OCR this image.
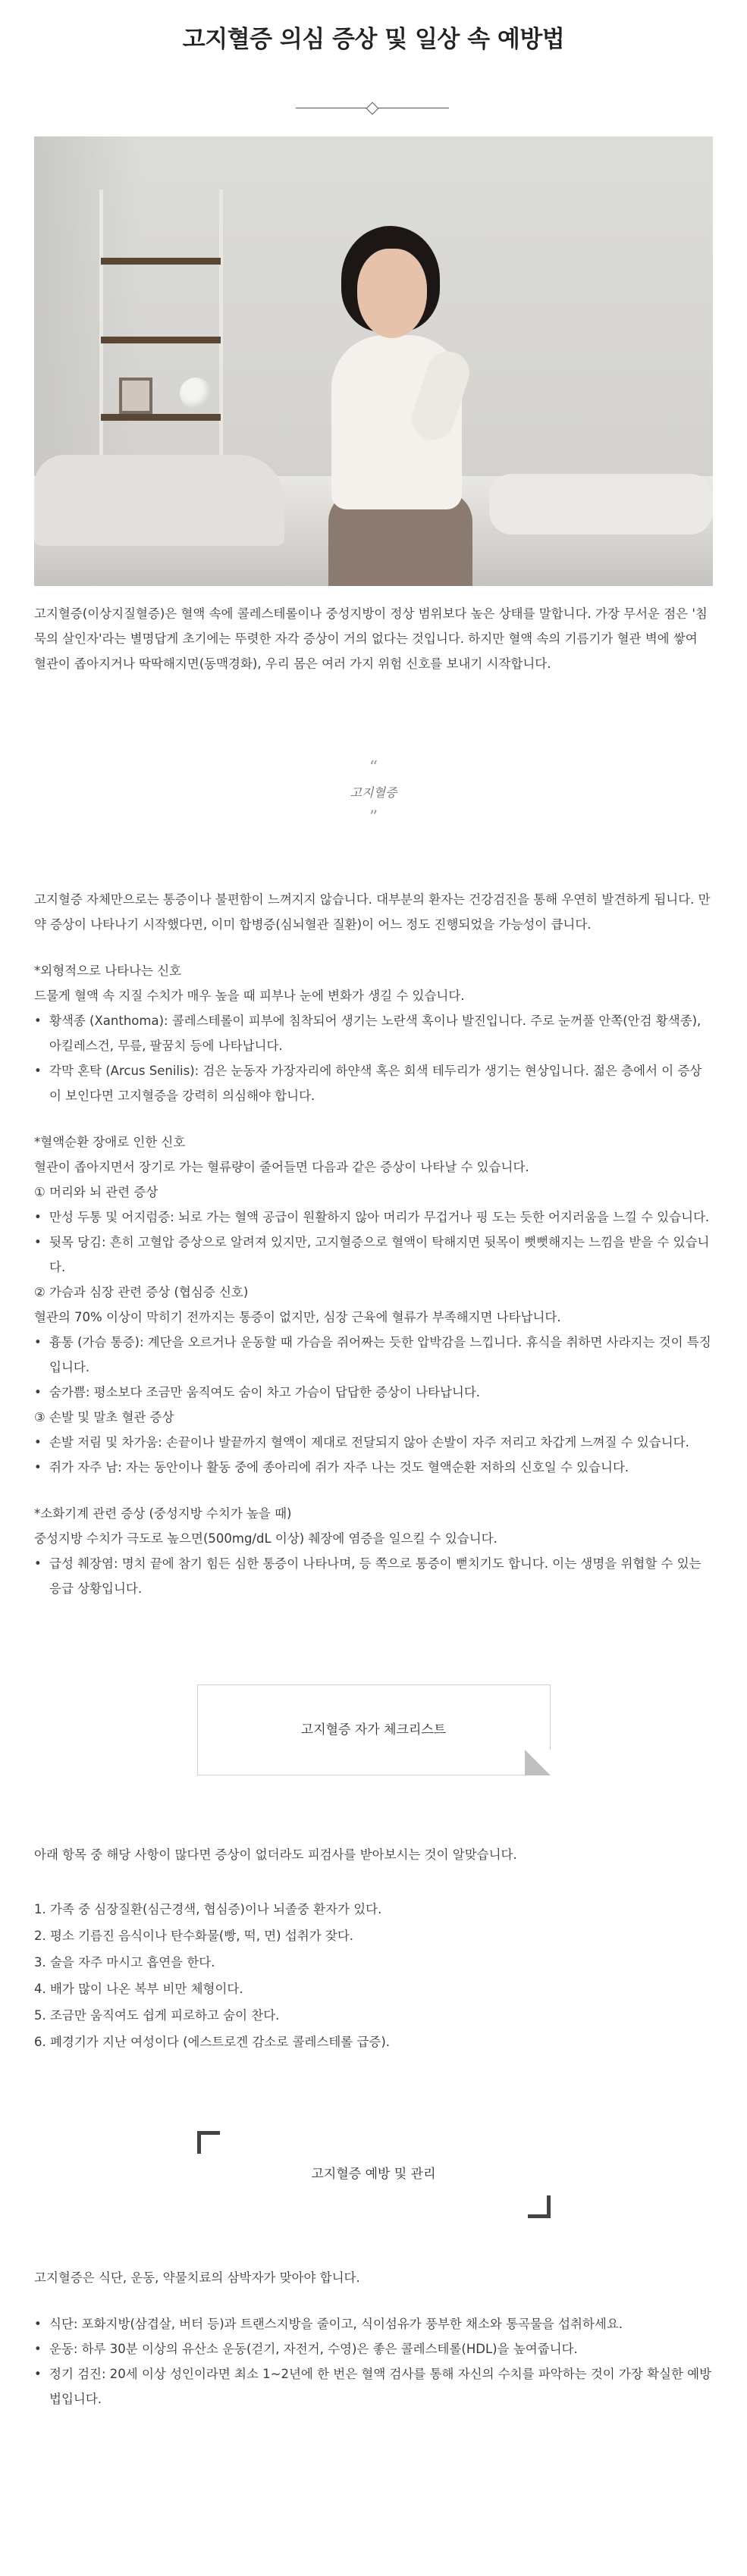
고지혈증 의심 증상 및 일상 속 예방법

고지혈증(이상지질혈증)은 혈액 속에 콜레스테롤이나 중성지방이 정상 범위보다 높은 상태를 말합니다. 가장 무서운 점은 '침묵의 살인자'라는 별명답게 초기에는 뚜렷한 자각 증상이 거의 없다는 것입니다. 하지만 혈액 속의 기름기가 혈관 벽에 쌓여 혈관이 좁아지거나 딱딱해지면(동맥경화), 우리 몸은 여러 가지 위험 신호를 보내기 시작합니다.

“
고지혈증
”

고지혈증 자체만으로는 통증이나 불편함이 느껴지지 않습니다. 대부분의 환자는 건강검진을 통해 우연히 발견하게 됩니다. 만약 증상이 나타나기 시작했다면, 이미 합병증(심뇌혈관 질환)이 어느 정도 진행되었을 가능성이 큽니다.

*외형적으로 나타나는 신호
드물게 혈액 속 지질 수치가 매우 높을 때 피부나 눈에 변화가 생길 수 있습니다.
• 황색종 (Xanthoma): 콜레스테롤이 피부에 침착되어 생기는 노란색 혹이나 발진입니다. 주로 눈꺼풀 안쪽(안검 황색종), 아킬레스건, 무릎, 팔꿈치 등에 나타납니다.
• 각막 혼탁 (Arcus Senilis): 검은 눈동자 가장자리에 하얀색 혹은 회색 테두리가 생기는 현상입니다. 젊은 층에서 이 증상이 보인다면 고지혈증을 강력히 의심해야 합니다.
*혈액순환 장애로 인한 신호
혈관이 좁아지면서 장기로 가는 혈류량이 줄어들면 다음과 같은 증상이 나타날 수 있습니다.
① 머리와 뇌 관련 증상
• 만성 두통 및 어지럼증: 뇌로 가는 혈액 공급이 원활하지 않아 머리가 무겁거나 핑 도는 듯한 어지러움을 느낄 수 있습니다.
• 뒷목 당김: 흔히 고혈압 증상으로 알려져 있지만, 고지혈증으로 혈액이 탁해지면 뒷목이 뻣뻣해지는 느낌을 받을 수 있습니다.
② 가슴과 심장 관련 증상 (협심증 신호)
혈관의 70% 이상이 막히기 전까지는 통증이 없지만, 심장 근육에 혈류가 부족해지면 나타납니다.
• 흉통 (가슴 통증): 계단을 오르거나 운동할 때 가슴을 쥐어짜는 듯한 압박감을 느낍니다. 휴식을 취하면 사라지는 것이 특징입니다.
• 숨가쁨: 평소보다 조금만 움직여도 숨이 차고 가슴이 답답한 증상이 나타납니다.
③ 손발 및 말초 혈관 증상
• 손발 저림 및 차가움: 손끝이나 발끝까지 혈액이 제대로 전달되지 않아 손발이 자주 저리고 차갑게 느껴질 수 있습니다.
• 쥐가 자주 남: 자는 동안이나 활동 중에 종아리에 쥐가 자주 나는 것도 혈액순환 저하의 신호일 수 있습니다.
*소화기계 관련 증상 (중성지방 수치가 높을 때)
중성지방 수치가 극도로 높으면(500mg/dL 이상) 췌장에 염증을 일으킬 수 있습니다.
• 급성 췌장염: 명치 끝에 참기 힘든 심한 통증이 나타나며, 등 쪽으로 통증이 뻗치기도 합니다. 이는 생명을 위협할 수 있는 응급 상황입니다.
고지혈증 자가 체크리스트

아래 항목 중 해당 사항이 많다면 증상이 없더라도 피검사를 받아보시는 것이 알맞습니다.

1. 가족 중 심장질환(심근경색, 협심증)이나 뇌졸중 환자가 있다.
2. 평소 기름진 음식이나 탄수화물(빵, 떡, 면) 섭취가 잦다.
3. 술을 자주 마시고 흡연을 한다.
4. 배가 많이 나온 복부 비만 체형이다.
5. 조금만 움직여도 쉽게 피로하고 숨이 찬다.
6. 폐경기가 지난 여성이다 (에스트로겐 감소로 콜레스테롤 급증).
고지혈증 예방 및 관리

고지혈증은 식단, 운동, 약물치료의 삼박자가 맞아야 합니다.

• 식단: 포화지방(삼겹살, 버터 등)과 트랜스지방을 줄이고, 식이섬유가 풍부한 채소와 통곡물을 섭취하세요.
• 운동: 하루 30분 이상의 유산소 운동(걷기, 자전거, 수영)은 좋은 콜레스테롤(HDL)을 높여줍니다.
• 정기 검진: 20세 이상 성인이라면 최소 1~2년에 한 번은 혈액 검사를 통해 자신의 수치를 파악하는 것이 가장 확실한 예방법입니다.
